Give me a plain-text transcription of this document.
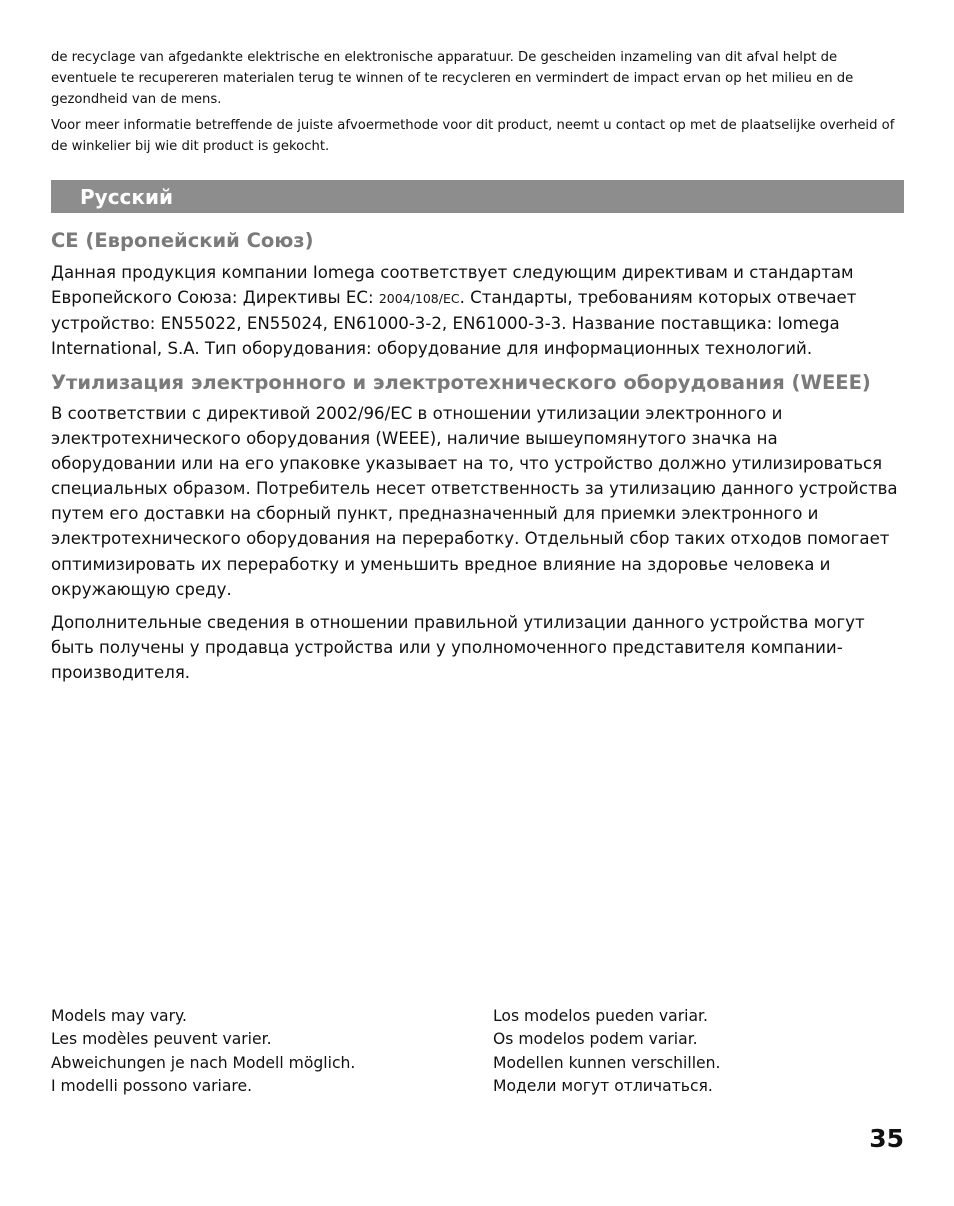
de recyclage van afgedankte elektrische en elektronische apparatuur. De gescheiden inzameling van dit afval helpt de eventuele te recupereren materialen terug te winnen of te recycleren en vermindert de impact ervan op het milieu en de gezondheid van de mens.

Voor meer informatie betreffende de juiste afvoermethode voor dit product, neemt u contact op met de plaatselijke overheid of de winkelier bij wie dit product is gekocht.

Русский
CE (Европейский Союз)

Данная продукция компании Iomega соответствует следующим директивам и стандартам Европейского Союза: Директивы EC: 2004/108/EC. Стандарты, требованиям которых отвечает устройство: EN55022, EN55024, EN61000-3-2, EN61000-3-3. Название поставщика: Iomega International, S.A. Тип оборудования: оборудование для информационных технологий.

Утилизация электронного и электротехнического оборудования (WEEE)

В соответствии с директивой 2002/96/EC в отношении утилизации электронного и электротехнического оборудования (WEEE), наличие вышеупомянутого значка на оборудовании или на его упаковке указывает на то, что устройство должно утилизироваться специальных образом. Потребитель несет ответственность за утилизацию данного устройства путем его доставки на сборный пункт, предназначенный для приемки электронного и электротехнического оборудования на переработку. Отдельный сбор таких отходов помогает оптимизировать их переработку и уменьшить вредное влияние на здоровье человека и окружающую среду.

Дополнительные сведения в отношении правильной утилизации данного устройства могут быть получены у продавца устройства или у уполномоченного представителя компании-производителя.

Models may vary.
Les modèles peuvent varier.
Abweichungen je nach Modell möglich.
I modelli possono variare.
Los modelos pueden variar.
Os modelos podem variar.
Modellen kunnen verschillen.
Модели могут отличаться.
35
